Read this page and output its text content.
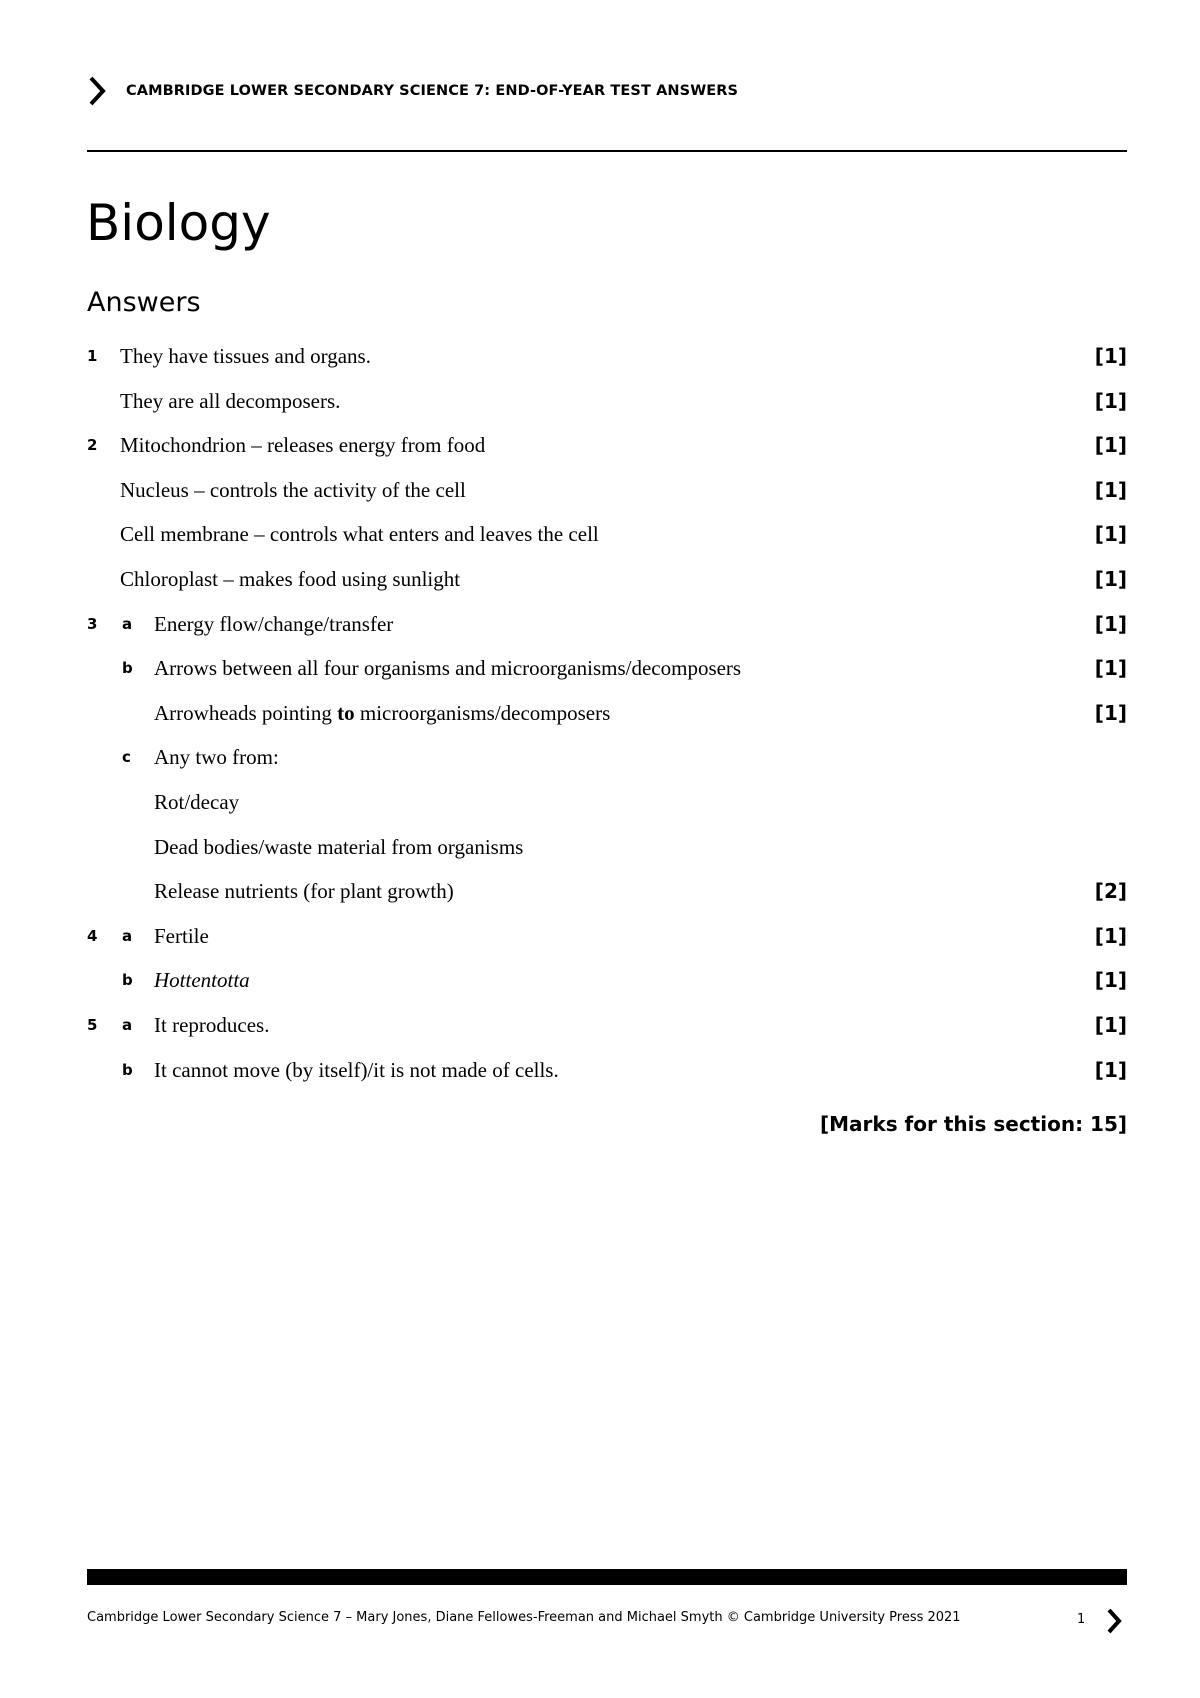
CAMBRIDGE LOWER SECONDARY SCIENCE 7: END-OF-YEAR TEST ANSWERS
Biology
Answers
1 They have tissues and organs.	[1]
They are all decomposers.	[1]
2 Mitochondrion – releases energy from food	[1]
Nucleus – controls the activity of the cell	[1]
Cell membrane – controls what enters and leaves the cell	[1]
Chloroplast – makes food using sunlight	[1]
3 a Energy flow/change/transfer	[1]
b Arrows between all four organisms and microorganisms/decomposers	[1]
Arrowheads pointing to microorganisms/decomposers	[1]
c Any two from:
Rot/decay
Dead bodies/waste material from organisms
Release nutrients (for plant growth)	[2]
4 a Fertile	[1]
b Hottentotta	[1]
5 a It reproduces.	[1]
b It cannot move (by itself)/it is not made of cells.	[1]
[Marks for this section: 15]
Cambridge Lower Secondary Science 7 – Mary Jones, Diane Fellowes-Freeman and Michael Smyth © Cambridge University Press 2021	1
